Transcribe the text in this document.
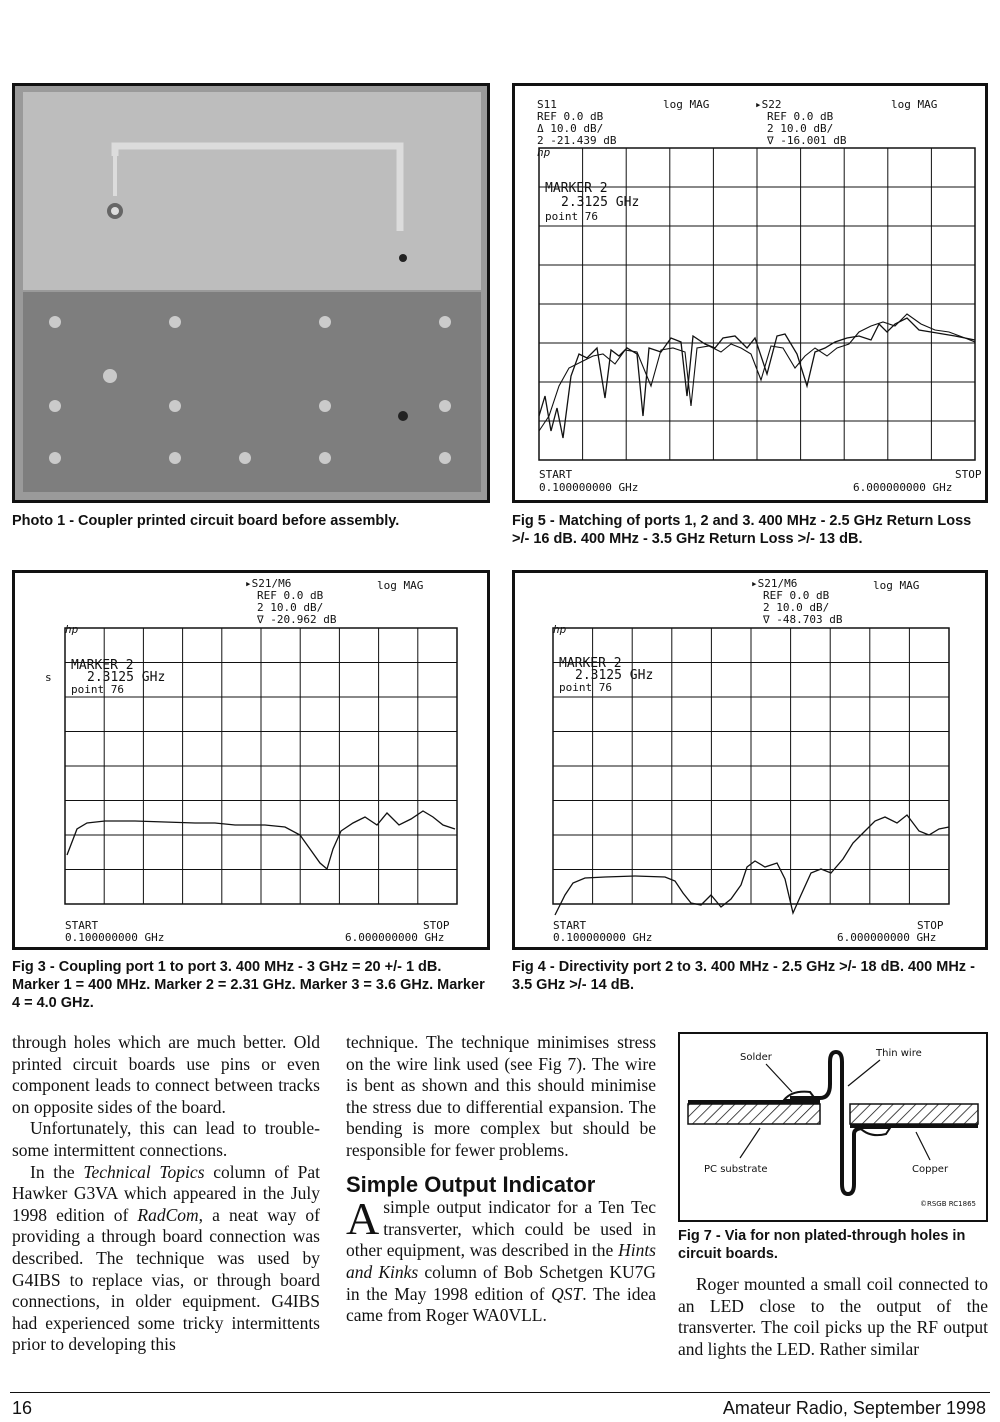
Photo 1 - Coupler printed circuit board before assembly.
S11
REF 0.0 dB
Δ 10.0 dB/
2 -21.439 dB
log MAG	▸S22
REF 0.0 dB
2 10.0 dB/
∇ -16.001 dB
log MAG
hp
MARKER 2
2.3125 GHz
point 76
START
0.100000000 GHz
STOP
6.000000000 GHz
Fig 5 - Matching of ports 1, 2 and 3. 400 MHz - 2.5 GHz Return Loss >/- 16 dB. 400 MHz - 3.5 GHz Return Loss >/- 13 dB.
▸S21/M6
REF 0.0 dB
2 10.0 dB/
∇ -20.962 dB
log MAG
hp
s
MARKER 2
2.3125 GHz
point 76
START
0.100000000 GHz
STOP
6.000000000 GHz
Fig 3 - Coupling port 1 to port 3. 400 MHz - 3 GHz = 20 +/- 1 dB. Marker 1 = 400 MHz. Marker 2 = 2.31 GHz. Marker 3 = 3.6 GHz. Marker 4 = 4.0 GHz.
▸S21/M6
REF 0.0 dB
2 10.0 dB/
∇ -48.703 dB
log MAG
hp
MARKER 2
2.3125 GHz
point 76
START
0.100000000 GHz
STOP
6.000000000 GHz
Fig 4 - Directivity port 2 to 3. 400 MHz - 2.5 GHz >/- 18 dB. 400 MHz - 3.5 GHz >/- 14 dB.

through holes which are much better. Old printed circuit boards use pins or even component leads to connect between tracks on opposite sides of the board.

Unfortunately, this can lead to trouble-some intermittent connections.

In the Technical Topics column of Pat Hawker G3VA which appeared in the July 1998 edition of RadCom, a neat way of providing a through board connection was described. The technique was used by G4IBS to replace vias, or through board connections, in older equipment. G4IBS had experienced some tricky intermittents prior to developing this

technique. The technique minimises stress on the wire link used (see Fig 7). The wire is bent as shown and this should minimise the stress due to differential expansion. The bending is more complex but should be responsible for fewer problems.

Simple Output Indicator

Asimple output indicator for a Ten Tec transverter, which could be used in other equipment, was described in the Hints and Kinks column of Bob Schetgen KU7G in the May 1998 edition of QST. The idea came from Roger WA0VLL.

Solder	Thin wire
PC substrate	Copper
©RSGB RC1865
Fig 7 - Via for non plated-through holes in circuit boards.

Roger mounted a small coil connected to an LED close to the output of the transverter. The coil picks up the RF output and lights the LED. Rather similar

16	Amateur Radio, September 1998
